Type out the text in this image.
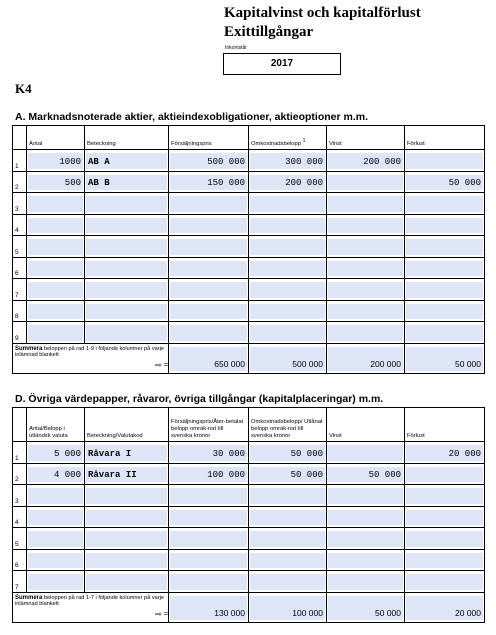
Kapitalvinst och kapitalförlust
Exittillgångar
Inkomstår
2017
K4
A. Marknadsnoterade aktier, aktieindexobligationer, aktieoptioner m.m.
	Antal	Beteckning	Försäljningspris	Omkostnadsbelopp $^1$	Vinst	Förlust
1	1000	AB A	500 000	300 000	200 000	

2	500	AB B	150 000	200 000		50 000

3	

4	

5	

6	

7	

8	

9	

Summera beloppen på rad 1-9 i följande kolumner på varje inlämnad blankett
➡ =			650 000	500 000	200 000	50 000
D. Övriga värdepapper, råvaror, övriga tillgångar (kapitalplaceringar) m.m.
	Antal/Belopp i utländsk valuta	Beteckning/Valutakod	Försäljningspris/Åter-betalat belopp omräk-nat till svenska kronor	Omkostnadsbelopp/ Utlånat belopp omräk-nat till svenska kronor	Vinst	Förlust
1	5 000	Råvara I	30 000	50 000		20 000

2	4 000	Råvara II	100 000	50 000	50 000	

3	

4	

5	

6	

7	

Summera beloppen på rad 1-7 i följande kolumner på varje inlämnad blankett
➡ =			130 000	100 000	50 000	20 000
